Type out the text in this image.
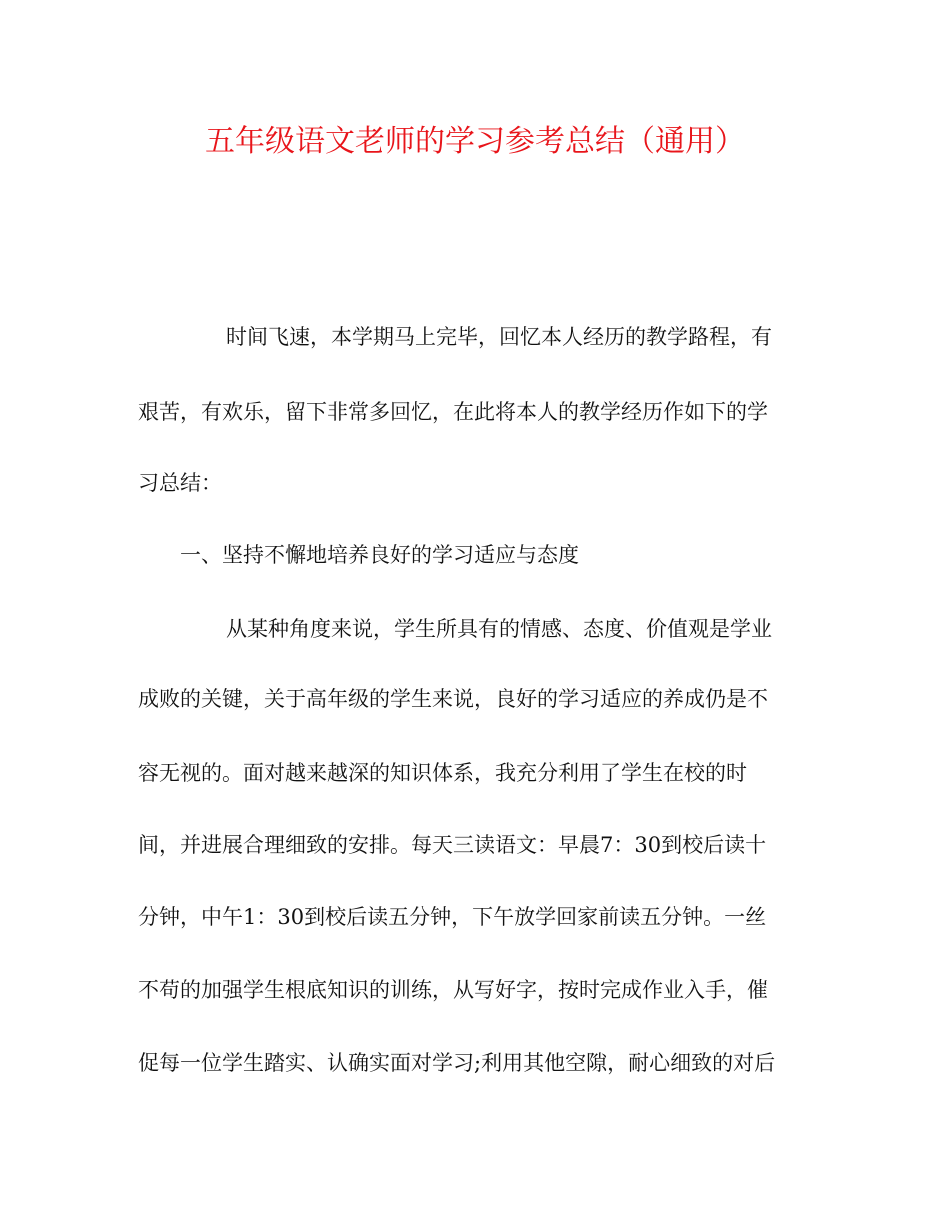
五年级语文老师的学习参考总结（通用）
时间飞速，本学期马上完毕，回忆本人经历的教学路程，有
艰苦，有欢乐，留下非常多回忆，在此将本人的教学经历作如下的学
习总结：
一、坚持不懈地培养良好的学习适应与态度
从某种角度来说，学生所具有的情感、态度、价值观是学业
成败的关键，关于高年级的学生来说，良好的学习适应的养成仍是不
容无视的。面对越来越深的知识体系，我充分利用了学生在校的时
间，并进展合理细致的安排。每天三读语文：早晨7：30到校后读十
分钟，中午1：30到校后读五分钟，下午放学回家前读五分钟。一丝
不苟的加强学生根底知识的训练，从写好字，按时完成作业入手，催
促每一位学生踏实、认确实面对学习;利用其他空隙，耐心细致的对后
